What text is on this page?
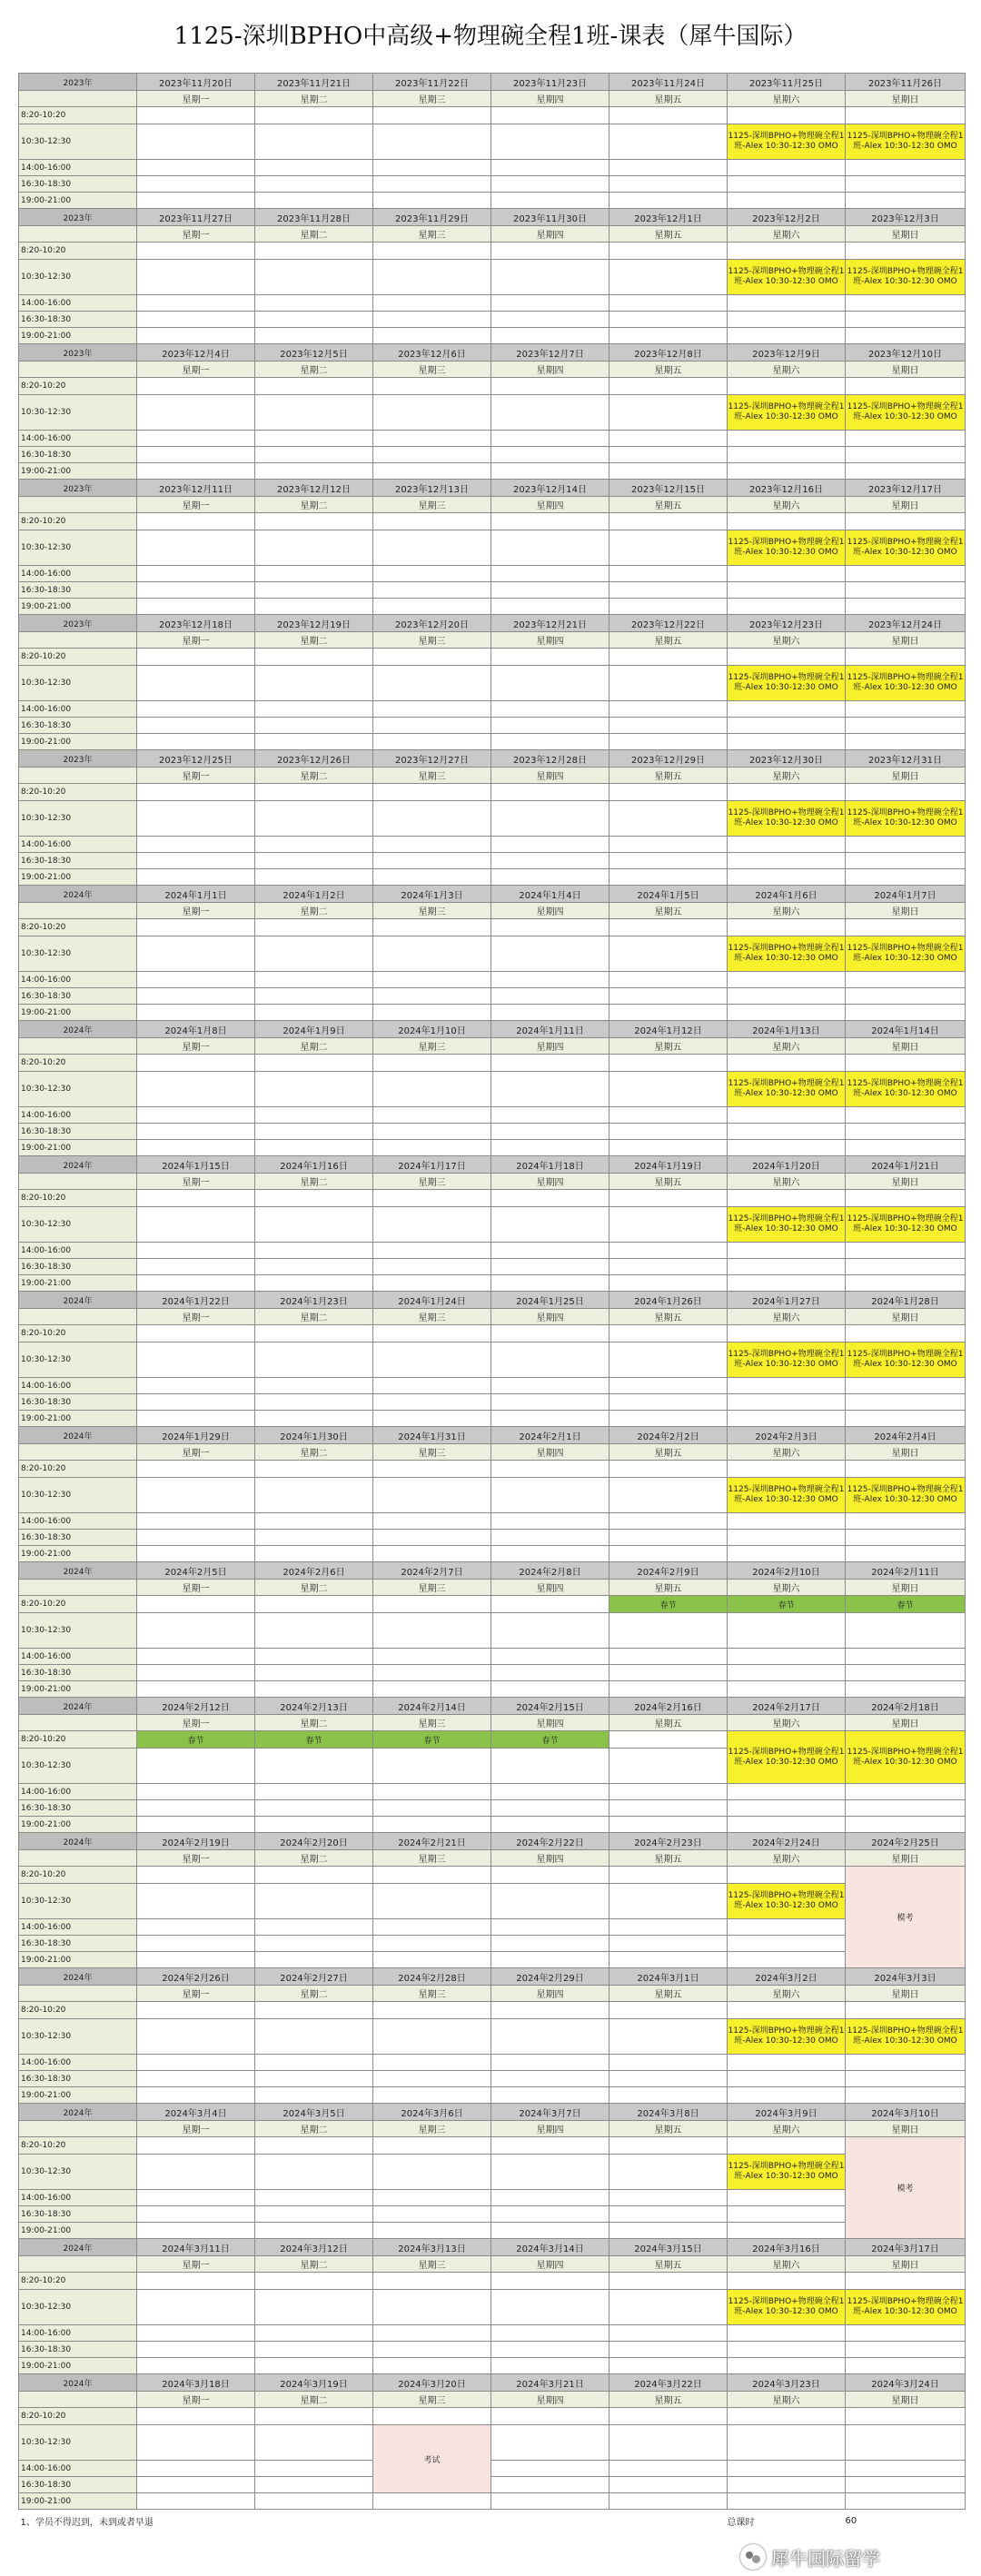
1125-深圳BPHO中高级+物理碗全程1班-课表（犀牛国际）
2023年	2023年11月20日	2023年11月21日	2023年11月22日	2023年11月23日	2023年11月24日	2023年11月25日	2023年11月26日
	星期一	星期二	星期三	星期四	星期五	星期六	星期日
8:20-10:20							
10:30-12:30						1125-深圳BPHO+物理碗全程1班-Alex 10:30-12:30 OMO	1125-深圳BPHO+物理碗全程1班-Alex 10:30-12:30 OMO
14:00-16:00							
16:30-18:30							
19:00-21:00							
2023年	2023年11月27日	2023年11月28日	2023年11月29日	2023年11月30日	2023年12月1日	2023年12月2日	2023年12月3日
	星期一	星期二	星期三	星期四	星期五	星期六	星期日
8:20-10:20							
10:30-12:30						1125-深圳BPHO+物理碗全程1班-Alex 10:30-12:30 OMO	1125-深圳BPHO+物理碗全程1班-Alex 10:30-12:30 OMO
14:00-16:00							
16:30-18:30							
19:00-21:00							
2023年	2023年12月4日	2023年12月5日	2023年12月6日	2023年12月7日	2023年12月8日	2023年12月9日	2023年12月10日
	星期一	星期二	星期三	星期四	星期五	星期六	星期日
8:20-10:20							
10:30-12:30						1125-深圳BPHO+物理碗全程1班-Alex 10:30-12:30 OMO	1125-深圳BPHO+物理碗全程1班-Alex 10:30-12:30 OMO
14:00-16:00							
16:30-18:30							
19:00-21:00							
2023年	2023年12月11日	2023年12月12日	2023年12月13日	2023年12月14日	2023年12月15日	2023年12月16日	2023年12月17日
	星期一	星期二	星期三	星期四	星期五	星期六	星期日
8:20-10:20							
10:30-12:30						1125-深圳BPHO+物理碗全程1班-Alex 10:30-12:30 OMO	1125-深圳BPHO+物理碗全程1班-Alex 10:30-12:30 OMO
14:00-16:00							
16:30-18:30							
19:00-21:00							
2023年	2023年12月18日	2023年12月19日	2023年12月20日	2023年12月21日	2023年12月22日	2023年12月23日	2023年12月24日
	星期一	星期二	星期三	星期四	星期五	星期六	星期日
8:20-10:20							
10:30-12:30						1125-深圳BPHO+物理碗全程1班-Alex 10:30-12:30 OMO	1125-深圳BPHO+物理碗全程1班-Alex 10:30-12:30 OMO
14:00-16:00							
16:30-18:30							
19:00-21:00							
2023年	2023年12月25日	2023年12月26日	2023年12月27日	2023年12月28日	2023年12月29日	2023年12月30日	2023年12月31日
	星期一	星期二	星期三	星期四	星期五	星期六	星期日
8:20-10:20							
10:30-12:30						1125-深圳BPHO+物理碗全程1班-Alex 10:30-12:30 OMO	1125-深圳BPHO+物理碗全程1班-Alex 10:30-12:30 OMO
14:00-16:00							
16:30-18:30							
19:00-21:00							
2024年	2024年1月1日	2024年1月2日	2024年1月3日	2024年1月4日	2024年1月5日	2024年1月6日	2024年1月7日
	星期一	星期二	星期三	星期四	星期五	星期六	星期日
8:20-10:20							
10:30-12:30						1125-深圳BPHO+物理碗全程1班-Alex 10:30-12:30 OMO	1125-深圳BPHO+物理碗全程1班-Alex 10:30-12:30 OMO
14:00-16:00							
16:30-18:30							
19:00-21:00							
2024年	2024年1月8日	2024年1月9日	2024年1月10日	2024年1月11日	2024年1月12日	2024年1月13日	2024年1月14日
	星期一	星期二	星期三	星期四	星期五	星期六	星期日
8:20-10:20							
10:30-12:30						1125-深圳BPHO+物理碗全程1班-Alex 10:30-12:30 OMO	1125-深圳BPHO+物理碗全程1班-Alex 10:30-12:30 OMO
14:00-16:00							
16:30-18:30							
19:00-21:00							
2024年	2024年1月15日	2024年1月16日	2024年1月17日	2024年1月18日	2024年1月19日	2024年1月20日	2024年1月21日
	星期一	星期二	星期三	星期四	星期五	星期六	星期日
8:20-10:20							
10:30-12:30						1125-深圳BPHO+物理碗全程1班-Alex 10:30-12:30 OMO	1125-深圳BPHO+物理碗全程1班-Alex 10:30-12:30 OMO
14:00-16:00							
16:30-18:30							
19:00-21:00							
2024年	2024年1月22日	2024年1月23日	2024年1月24日	2024年1月25日	2024年1月26日	2024年1月27日	2024年1月28日
	星期一	星期二	星期三	星期四	星期五	星期六	星期日
8:20-10:20							
10:30-12:30						1125-深圳BPHO+物理碗全程1班-Alex 10:30-12:30 OMO	1125-深圳BPHO+物理碗全程1班-Alex 10:30-12:30 OMO
14:00-16:00							
16:30-18:30							
19:00-21:00							
2024年	2024年1月29日	2024年1月30日	2024年1月31日	2024年2月1日	2024年2月2日	2024年2月3日	2024年2月4日
	星期一	星期二	星期三	星期四	星期五	星期六	星期日
8:20-10:20							
10:30-12:30						1125-深圳BPHO+物理碗全程1班-Alex 10:30-12:30 OMO	1125-深圳BPHO+物理碗全程1班-Alex 10:30-12:30 OMO
14:00-16:00							
16:30-18:30							
19:00-21:00							
2024年	2024年2月5日	2024年2月6日	2024年2月7日	2024年2月8日	2024年2月9日	2024年2月10日	2024年2月11日
	星期一	星期二	星期三	星期四	星期五	星期六	星期日
8:20-10:20					春节	春节	春节
10:30-12:30							
14:00-16:00							
16:30-18:30							
19:00-21:00							
2024年	2024年2月12日	2024年2月13日	2024年2月14日	2024年2月15日	2024年2月16日	2024年2月17日	2024年2月18日
	星期一	星期二	星期三	星期四	星期五	星期六	星期日
8:20-10:20	春节	春节	春节	春节		1125-深圳BPHO+物理碗全程1班-Alex 10:30-12:30 OMO	1125-深圳BPHO+物理碗全程1班-Alex 10:30-12:30 OMO
10:30-12:30							
14:00-16:00							
16:30-18:30							
19:00-21:00							
2024年	2024年2月19日	2024年2月20日	2024年2月21日	2024年2月22日	2024年2月23日	2024年2月24日	2024年2月25日
	星期一	星期二	星期三	星期四	星期五	星期六	星期日
8:20-10:20							模考
10:30-12:30						1125-深圳BPHO+物理碗全程1班-Alex 10:30-12:30 OMO	
14:00-16:00							
16:30-18:30							
19:00-21:00							
2024年	2024年2月26日	2024年2月27日	2024年2月28日	2024年2月29日	2024年3月1日	2024年3月2日	2024年3月3日
	星期一	星期二	星期三	星期四	星期五	星期六	星期日
8:20-10:20							
10:30-12:30						1125-深圳BPHO+物理碗全程1班-Alex 10:30-12:30 OMO	1125-深圳BPHO+物理碗全程1班-Alex 10:30-12:30 OMO
14:00-16:00							
16:30-18:30							
19:00-21:00							
2024年	2024年3月4日	2024年3月5日	2024年3月6日	2024年3月7日	2024年3月8日	2024年3月9日	2024年3月10日
	星期一	星期二	星期三	星期四	星期五	星期六	星期日
8:20-10:20							模考
10:30-12:30						1125-深圳BPHO+物理碗全程1班-Alex 10:30-12:30 OMO	
14:00-16:00							
16:30-18:30							
19:00-21:00							
2024年	2024年3月11日	2024年3月12日	2024年3月13日	2024年3月14日	2024年3月15日	2024年3月16日	2024年3月17日
	星期一	星期二	星期三	星期四	星期五	星期六	星期日
8:20-10:20							
10:30-12:30						1125-深圳BPHO+物理碗全程1班-Alex 10:30-12:30 OMO	1125-深圳BPHO+物理碗全程1班-Alex 10:30-12:30 OMO
14:00-16:00							
16:30-18:30							
19:00-21:00							
2024年	2024年3月18日	2024年3月19日	2024年3月20日	2024年3月21日	2024年3月22日	2024年3月23日	2024年3月24日
	星期一	星期二	星期三	星期四	星期五	星期六	星期日
8:20-10:20							
10:30-12:30			考试				
14:00-16:00							
16:30-18:30							
19:00-21:00							
1、学员不得迟到，未到或者早退						总课时	60
犀牛国际留学
